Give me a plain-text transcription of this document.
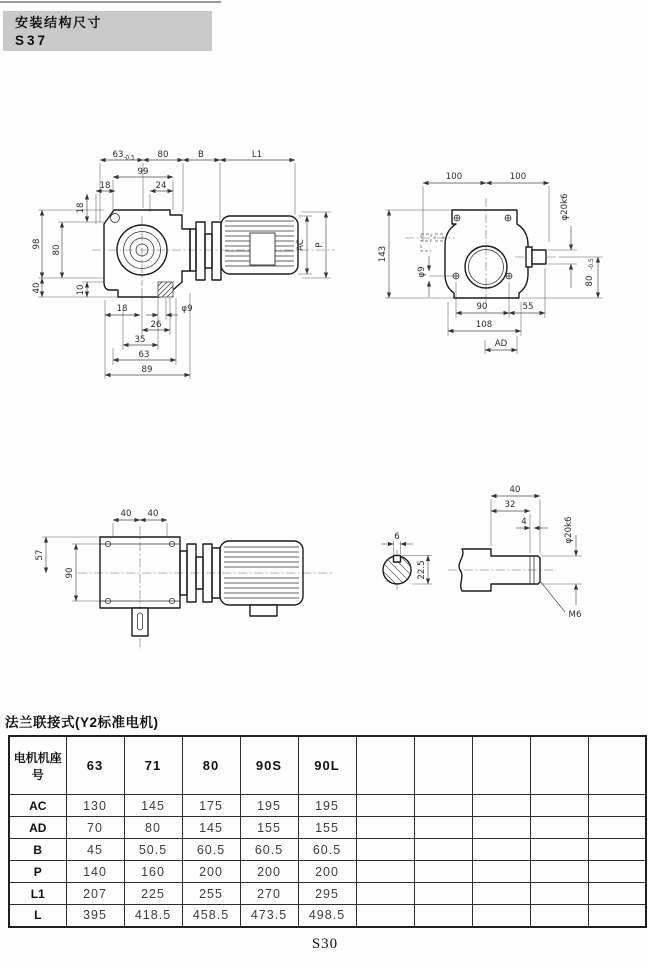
安装结构尺寸
S37
63 -0.5	80	B	L1
99
18	24
98
80
18
40	10
18	φ9
26
35
63
89
AC P
100	100
143
φ9
φ20k6
80
-0.5
90	55
108
AD
40 40
57
90
40
32
4
6
22.5
φ20k6
M6
法兰联接式(Y2标准电机)
电机机座号	63	71	80	90S	90L					
AC	130	145	175	195	195					
AD	70	80	145	155	155					
B	45	50.5	60.5	60.5	60.5					
P	140	160	200	200	200					
L1	207	225	255	270	295					
L	395	418.5	458.5	473.5	498.5					
S30
